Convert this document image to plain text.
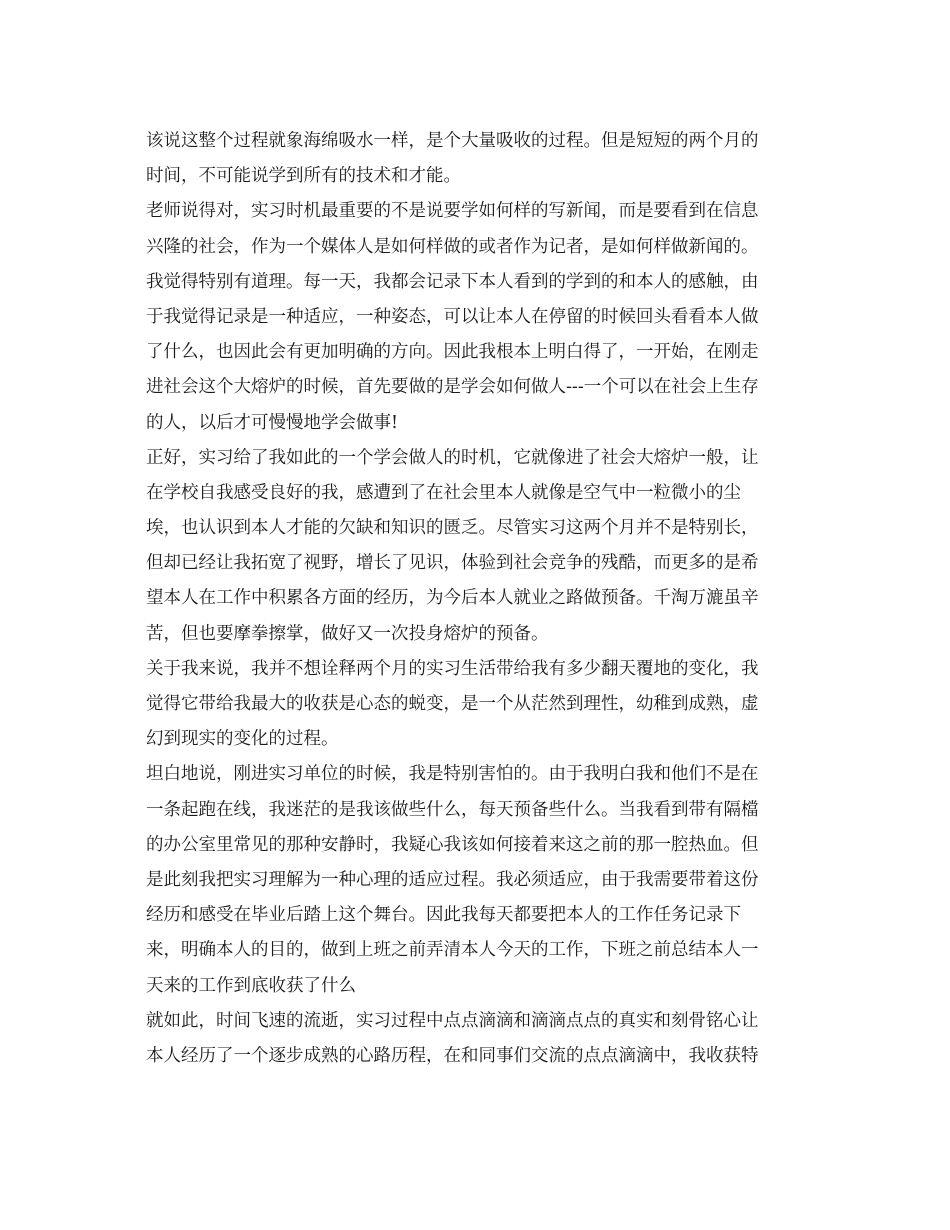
该说这整个过程就象海绵吸水一样，是个大量吸收的过程。但是短短的两个月的
时间，不可能说学到所有的技术和才能。
老师说得对，实习时机最重要的不是说要学如何样的写新闻，而是要看到在信息
兴隆的社会，作为一个媒体人是如何样做的或者作为记者，是如何样做新闻的。
我觉得特别有道理。每一天，我都会记录下本人看到的学到的和本人的感触，由
于我觉得记录是一种适应，一种姿态，可以让本人在停留的时候回头看看本人做
了什么，也因此会有更加明确的方向。因此我根本上明白得了，一开始，在刚走
进社会这个大熔炉的时候，首先要做的是学会如何做人---一个可以在社会上生存
的人，以后才可慢慢地学会做事!
正好，实习给了我如此的一个学会做人的时机，它就像进了社会大熔炉一般，让
在学校自我感受良好的我，感遭到了在社会里本人就像是空气中一粒微小的尘
埃，也认识到本人才能的欠缺和知识的匮乏。尽管实习这两个月并不是特别长，
但却已经让我拓宽了视野，增长了见识，体验到社会竞争的残酷，而更多的是希
望本人在工作中积累各方面的经历，为今后本人就业之路做预备。千淘万漉虽辛
苦，但也要摩拳擦掌，做好又一次投身熔炉的预备。
关于我来说，我并不想诠释两个月的实习生活带给我有多少翻天覆地的变化，我
觉得它带给我最大的收获是心态的蜕变，是一个从茫然到理性，幼稚到成熟，虚
幻到现实的变化的过程。
坦白地说，刚进实习单位的时候，我是特别害怕的。由于我明白我和他们不是在
一条起跑在线，我迷茫的是我该做些什么，每天预备些什么。当我看到带有隔檔
的办公室里常见的那种安静时，我疑心我该如何接着来这之前的那一腔热血。但
是此刻我把实习理解为一种心理的适应过程。我必须适应，由于我需要带着这份
经历和感受在毕业后踏上这个舞台。因此我每天都要把本人的工作任务记录下
来，明确本人的目的，做到上班之前弄清本人今天的工作，下班之前总结本人一
天来的工作到底收获了什么
就如此，时间飞速的流逝，实习过程中点点滴滴和滴滴点点的真实和刻骨铭心让
本人经历了一个逐步成熟的心路历程，在和同事们交流的点点滴滴中，我收获特
